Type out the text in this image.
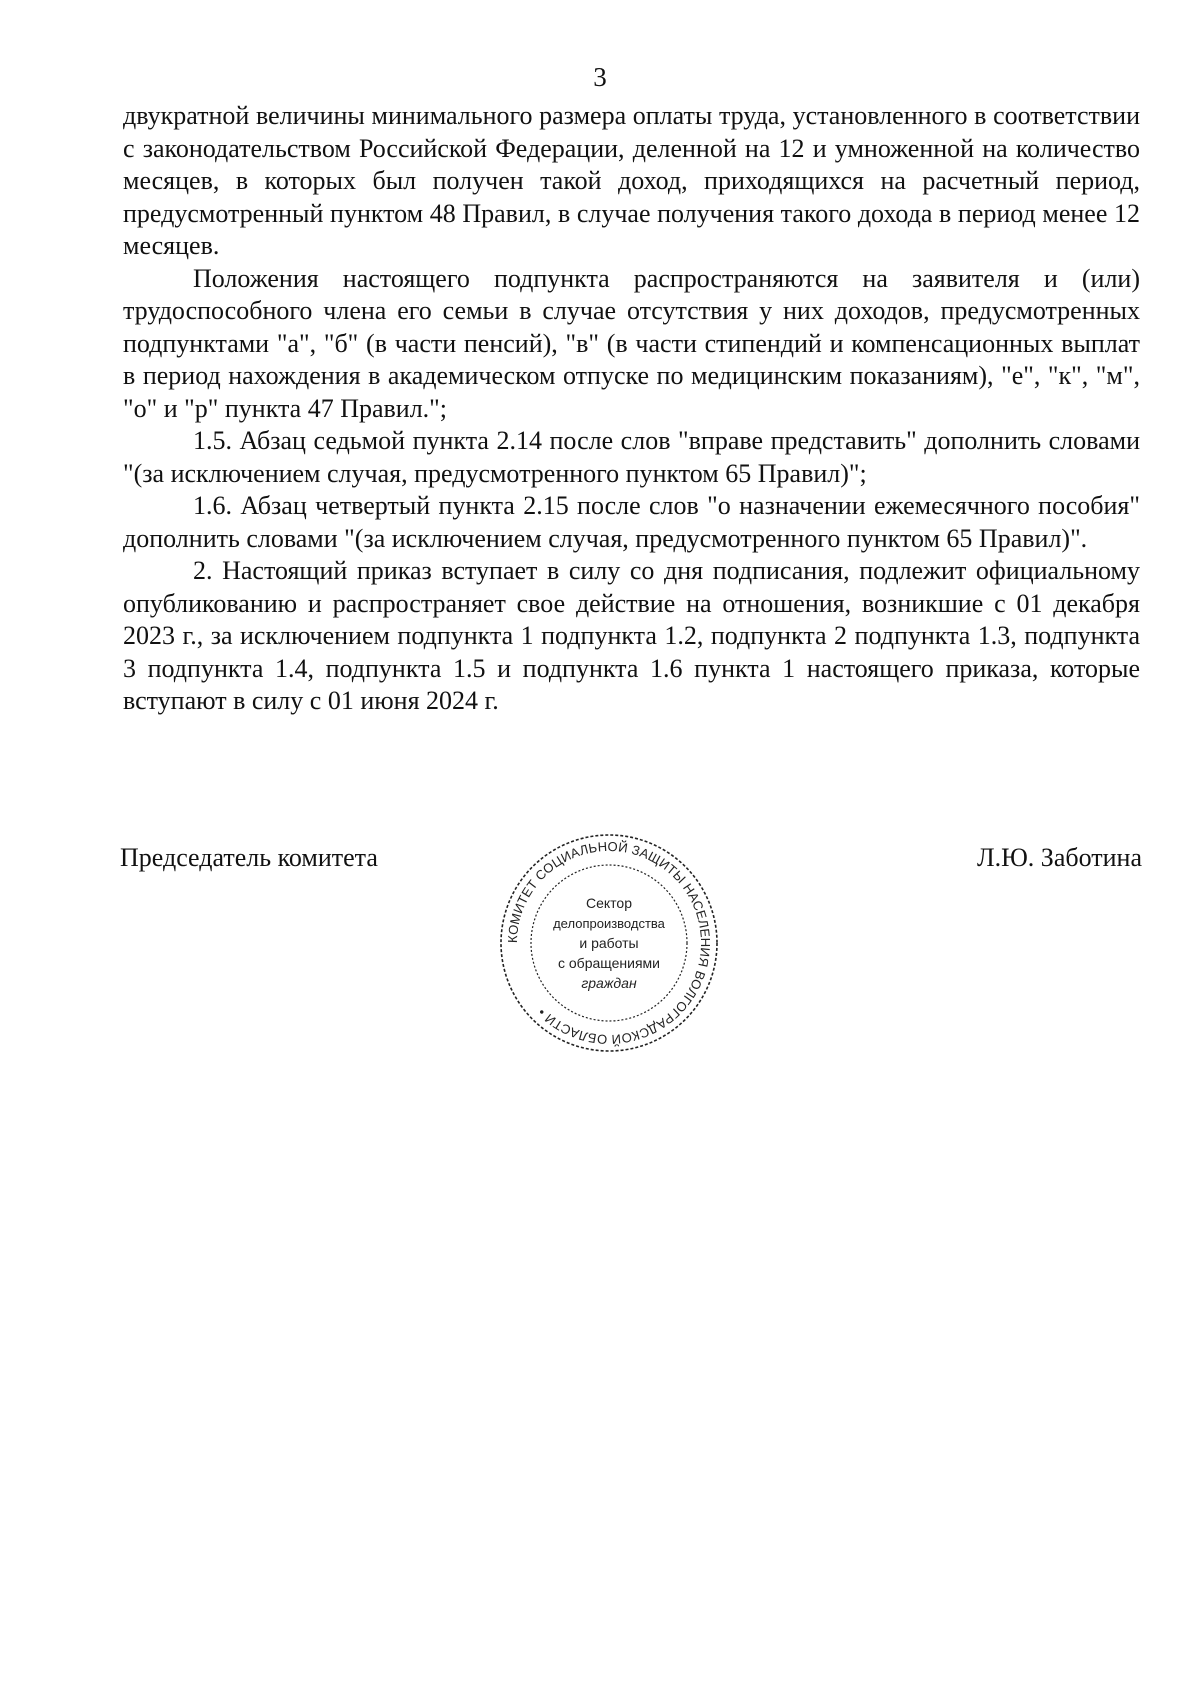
3

двукратной величины минимального размера оплаты труда, установленного в соответствии с законодательством Российской Федерации, деленной на 12 и умноженной на количество месяцев, в которых был получен такой доход, приходящихся на расчетный период, предусмотренный пунктом 48 Правил, в случае получения такого дохода в период менее 12 месяцев.

Положения настоящего подпункта распространяются на заявителя и (или) трудоспособного члена его семьи в случае отсутствия у них доходов, предусмотренных подпунктами "а", "б" (в части пенсий), "в" (в части стипендий и компенсационных выплат в период нахождения в академическом отпуске по медицинским показаниям), "е", "к", "м", "о" и "р" пункта 47 Правил.";

1.5. Абзац седьмой пункта 2.14 после слов "вправе представить" дополнить словами "(за исключением случая, предусмотренного пунктом 65 Правил)";

1.6. Абзац четвертый пункта 2.15 после слов "о назначении ежемесячного пособия" дополнить словами "(за исключением случая, предусмотренного пунктом 65 Правил)".

2. Настоящий приказ вступает в силу со дня подписания, подлежит официальному опубликованию и распространяет свое действие на отношения, возникшие с 01 декабря 2023 г., за исключением подпункта 1 подпункта 1.2, подпункта 2 подпункта 1.3, подпункта 3 подпункта 1.4, подпункта 1.5 и подпункта 1.6 пункта 1 настоящего приказа, которые вступают в силу с 01 июня 2024 г.

Председатель комитета	Л.Ю. Заботина
КОМИТЕТ СОЦИАЛЬНОЙ ЗАЩИТЫ НАСЕЛЕНИЯ ВОЛГОГРАДСКОЙ ОБЛАСТИ •
Сектор
делопроизводства
и работы
с обращениями
граждан
